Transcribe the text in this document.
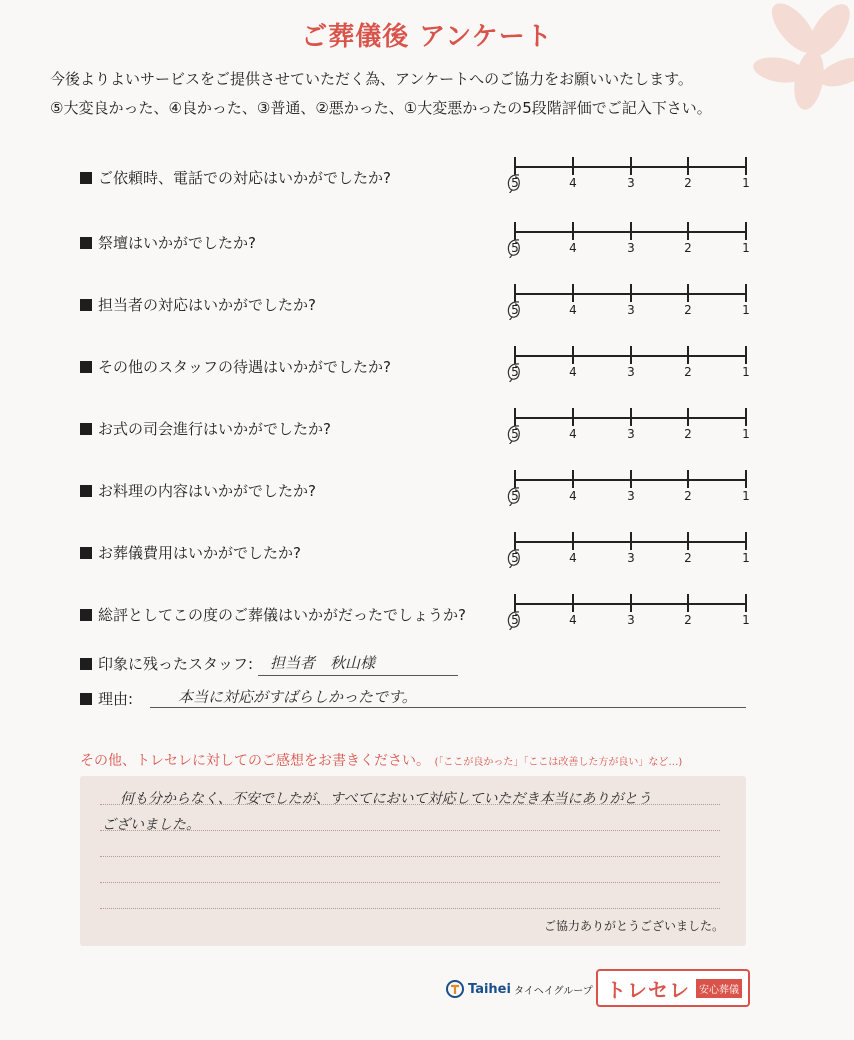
ご葬儀後 アンケート
今後よりよいサービスをご提供させていただく為、アンケートへのご協力をお願いいたします。
⑤大変良かった、④良かった、③普通、②悪かった、①大変悪かったの5段階評価でご記入下さい。
ご依頼時、電話での対応はいかがでしたか?	5	4	3	2	1
祭壇はいかがでしたか?	5	4	3	2	1
担当者の対応はいかがでしたか?	5	4	3	2	1
その他のスタッフの待遇はいかがでしたか?	5	4	3	2	1
お式の司会進行はいかがでしたか?	5	4	3	2	1
お料理の内容はいかがでしたか?	5	4	3	2	1
お葬儀費用はいかがでしたか?	5	4	3	2	1
総評としてこの度のご葬儀はいかがだったでしょうか?	5	4	3	2	1
印象に残ったスタッフ: 担当者　秋山様
理由:	本当に対応がすばらしかったです。
その他、トレセレに対してのご感想をお書きください。 (「ここが良かった」「ここは改善した方が良い」など…)
何も分からなく、不安でしたが、すべてにおいて対応していただき本当にありがとう
ございました。
ご協力ありがとうございました。
Taihei タイヘイグループ トレセレ 安心葬儀
